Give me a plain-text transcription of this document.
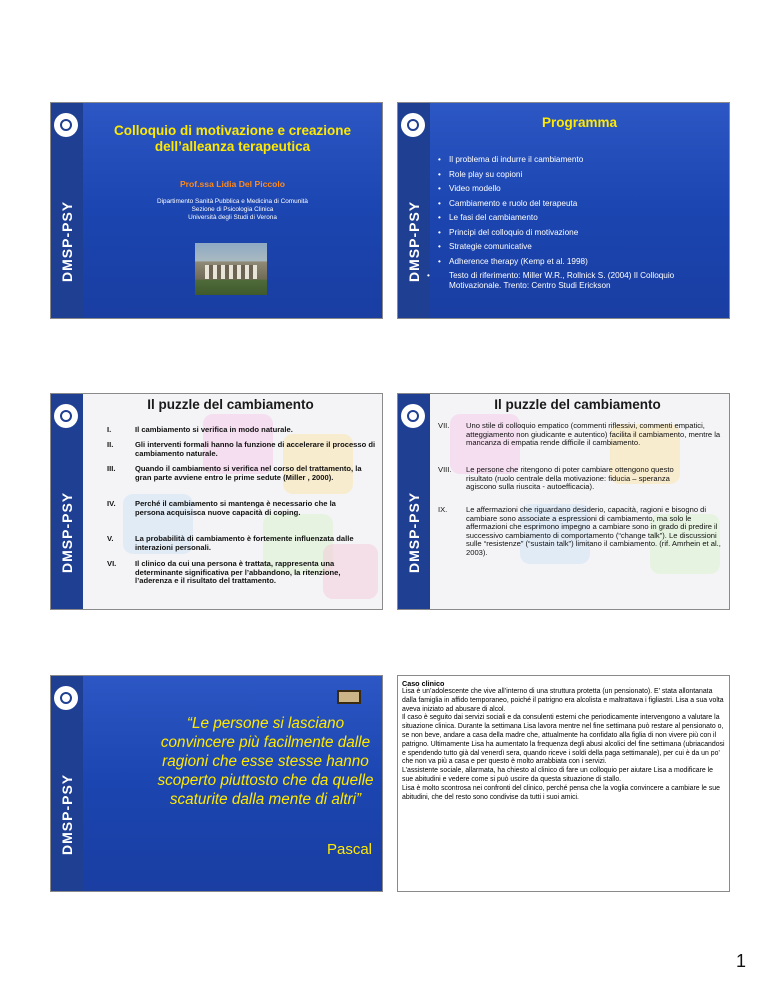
DMSP-PSY
Colloquio di motivazione e creazione dell’alleanza terapeutica
Prof.ssa Lidia Del Piccolo
Dipartimento Sanità Pubblica e Medicina di Comunità
Sezione di Psicologia Clinica
Università degli Studi di Verona	DMSP-PSY
Programma
• Il problema di indurre il cambiamento
• Role play su copioni
• Video modello
• Cambiamento e ruolo del terapeuta
• Le fasi del cambiamento
• Principi del colloquio di motivazione
• Strategie comunicative
• Adherence therapy (Kemp et al. 1998)
• Testo di riferimento: Miller W.R., Rollnick S. (2004) Il Colloquio Motivazionale. Trento: Centro Studi Erickson
DMSP-PSY
Il puzzle del cambiamento
I.	Il cambiamento si verifica in modo naturale.
II.	Gli interventi formali hanno la funzione di accelerare il processo di cambiamento naturale.
III.	Quando il cambiamento si verifica nel corso del trattamento, la gran parte avviene entro le prime sedute (Miller , 2000).
IV.	Perché il cambiamento si mantenga è necessario che la persona acquisisca nuove capacità di coping.
V.	La probabilità di cambiamento è fortemente influenzata dalle interazioni personali.
VI. Il clinico da cui una persona è trattata, rappresenta una determinante significativa per l’abbandono, la ritenzione, l’aderenza e il risultato del trattamento.
DMSP-PSY
Il puzzle del cambiamento
VII. Uno stile di colloquio empatico (commenti riflessivi, commenti empatici, atteggiamento non giudicante e autentico) facilita il cambiamento, mentre la mancanza di empatia rende difficile il cambiamento.
VIII. Le persone che ritengono di poter cambiare ottengono questo risultato (ruolo centrale della motivazione: fiducia – speranza agiscono sulla riuscita - autoefficacia).
IX. Le affermazioni che riguardano desiderio, capacità, ragioni e bisogno di cambiare sono associate a espressioni di cambiamento, ma solo le affermazioni che esprimono impegno a cambiare sono in grado di predire il successivo cambiamento di comportamento (“change talk”). Le discussioni sulle “resistenze” (“sustain talk”) limitano il cambiamento. (rif. Amrhein et al., 2003).
DMSP-PSY
“Le persone si lasciano convincere più facilmente dalle ragioni che esse stesse hanno scoperto piuttosto che da quelle scaturite dalla mente di altri”
Pascal
Caso clinico
Lisa è un’adolescente che vive all’interno di una struttura protetta (un pensionato). E’ stata allontanata dalla famiglia in affido temporaneo, poiché il patrigno era alcolista e maltrattava i figliastri. Lisa a sua volta aveva iniziato ad abusare di alcol.
Il caso è seguito dai servizi sociali e da consulenti esterni che periodicamente intervengono a valutare la situazione clinica. Durante la settimana Lisa lavora mentre nel fine settimana può restare al pensionato o, se non beve, andare a casa della madre che, attualmente ha confidato alla figlia di non vivere più con il patrigno. Ultimamente Lisa ha aumentato la frequenza degli abusi alcolici del fine settimana (ubriacandosi e spendendo tutto già dal venerdì sera, quando riceve i soldi della paga settimanale), per cui è da un po’ che non va più a casa e per questo è molto arrabbiata con i servizi.
L’assistente sociale, allarmata, ha chiesto al clinico di fare un colloquio per aiutare Lisa a modificare le sue abitudini e vedere come si può uscire da questa situazione di stallo.
Lisa è molto scontrosa nei confronti del clinico, perché pensa che la voglia convincere a cambiare le sue abitudini, che del resto sono condivise da tutti i suoi amici.
1
